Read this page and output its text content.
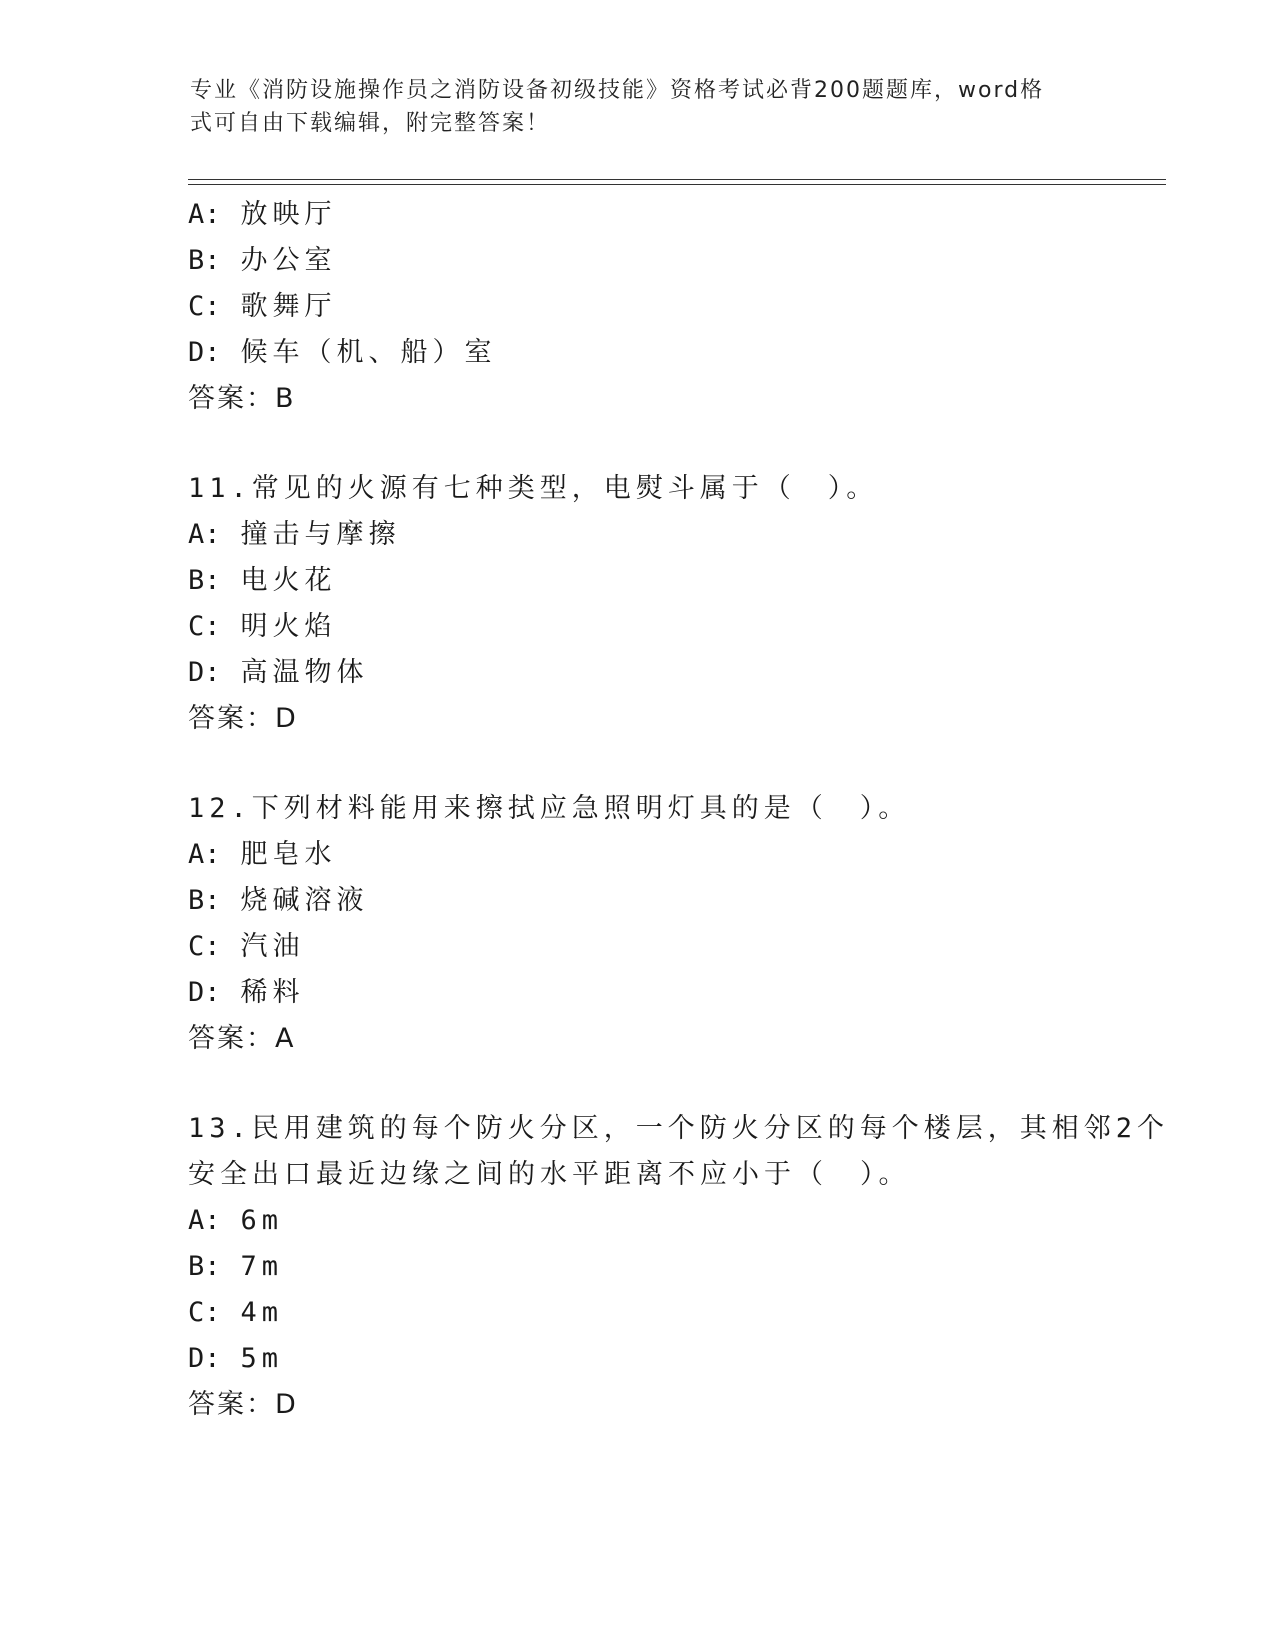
专业《消防设施操作员之消防设备初级技能》资格考试必背200题题库，word格
式可自由下载编辑，附完整答案！
A: 放映厅
B: 办公室
C: 歌舞厅
D: 候车（机、船）室
答案：B
11.常见的火源有七种类型，电熨斗属于（　）。
A: 撞击与摩擦
B: 电火花
C: 明火焰
D: 高温物体
答案：D
12.下列材料能用来擦拭应急照明灯具的是（　）。
A: 肥皂水
B: 烧碱溶液
C: 汽油
D: 稀料
答案：A
13.民用建筑的每个防火分区，一个防火分区的每个楼层，其相邻2个
安全出口最近边缘之间的水平距离不应小于（　）。
A: 6m
B: 7m
C: 4m
D: 5m
答案：D
